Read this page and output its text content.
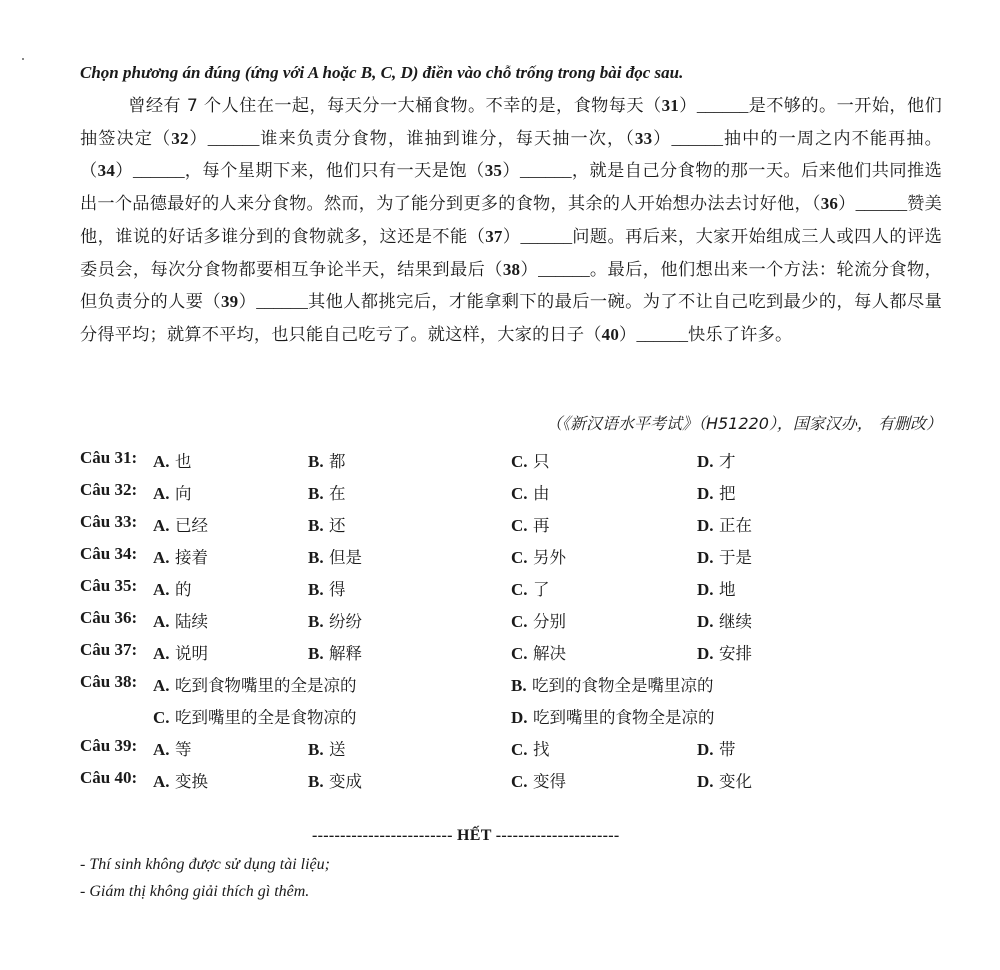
Chọn phương án đúng (ứng với A hoặc B, C, D) điền vào chỗ trống trong bài đọc sau.
曾经有 7 个人住在一起，每天分一大桶食物。不幸的是，食物每天（31）______是不够的。一开始，他们抽签决定（32）______谁来负责分食物，谁抽到谁分，每天抽一次，（33）______抽中的一周之内不能再抽。（34）______，每个星期下来，他们只有一天是饱（35）______，就是自己分食物的那一天。后来他们共同推选出一个品德最好的人来分食物。然而，为了能分到更多的食物，其余的人开始想办法去讨好他，（36）______赞美他，谁说的好话多谁分到的食物就多，这还是不能（37）______问题。再后来，大家开始组成三人或四人的评选委员会，每次分食物都要相互争论半天，结果到最后（38）______。最后，他们想出来一个方法：轮流分食物，但负责分的人要（39）______其他人都挑完后，才能拿剩下的最后一碗。为了不让自己吃到最少的，每人都尽量分得平均；就算不平均，也只能自己吃亏了。就这样，大家的日子（40）______快乐了许多。
（《新汉语水平考试》（H51220），国家汉办， 有删改）
Câu 31: A. 也	B. 都	C. 只	D. 才
Câu 32: A. 向	B. 在	C. 由	D. 把
Câu 33: A. 已经	B. 还	C. 再	D. 正在
Câu 34: A. 接着	B. 但是	C. 另外	D. 于是
Câu 35: A. 的	B. 得	C. 了	D. 地
Câu 36: A. 陆续	B. 纷纷	C. 分别	D. 继续
Câu 37: A. 说明	B. 解释	C. 解决	D. 安排
Câu 38: A. 吃到食物嘴里的全是凉的	B. 吃到的食物全是嘴里凉的
C. 吃到嘴里的全是食物凉的	D. 吃到嘴里的食物全是凉的
Câu 39: A. 等	B. 送	C. 找	D. 带
Câu 40: A. 变换	B. 变成	C. 变得	D. 变化
------------------------- HẾT ----------------------
- Thí sinh không được sử dụng tài liệu;
- Giám thị không giải thích gì thêm.
